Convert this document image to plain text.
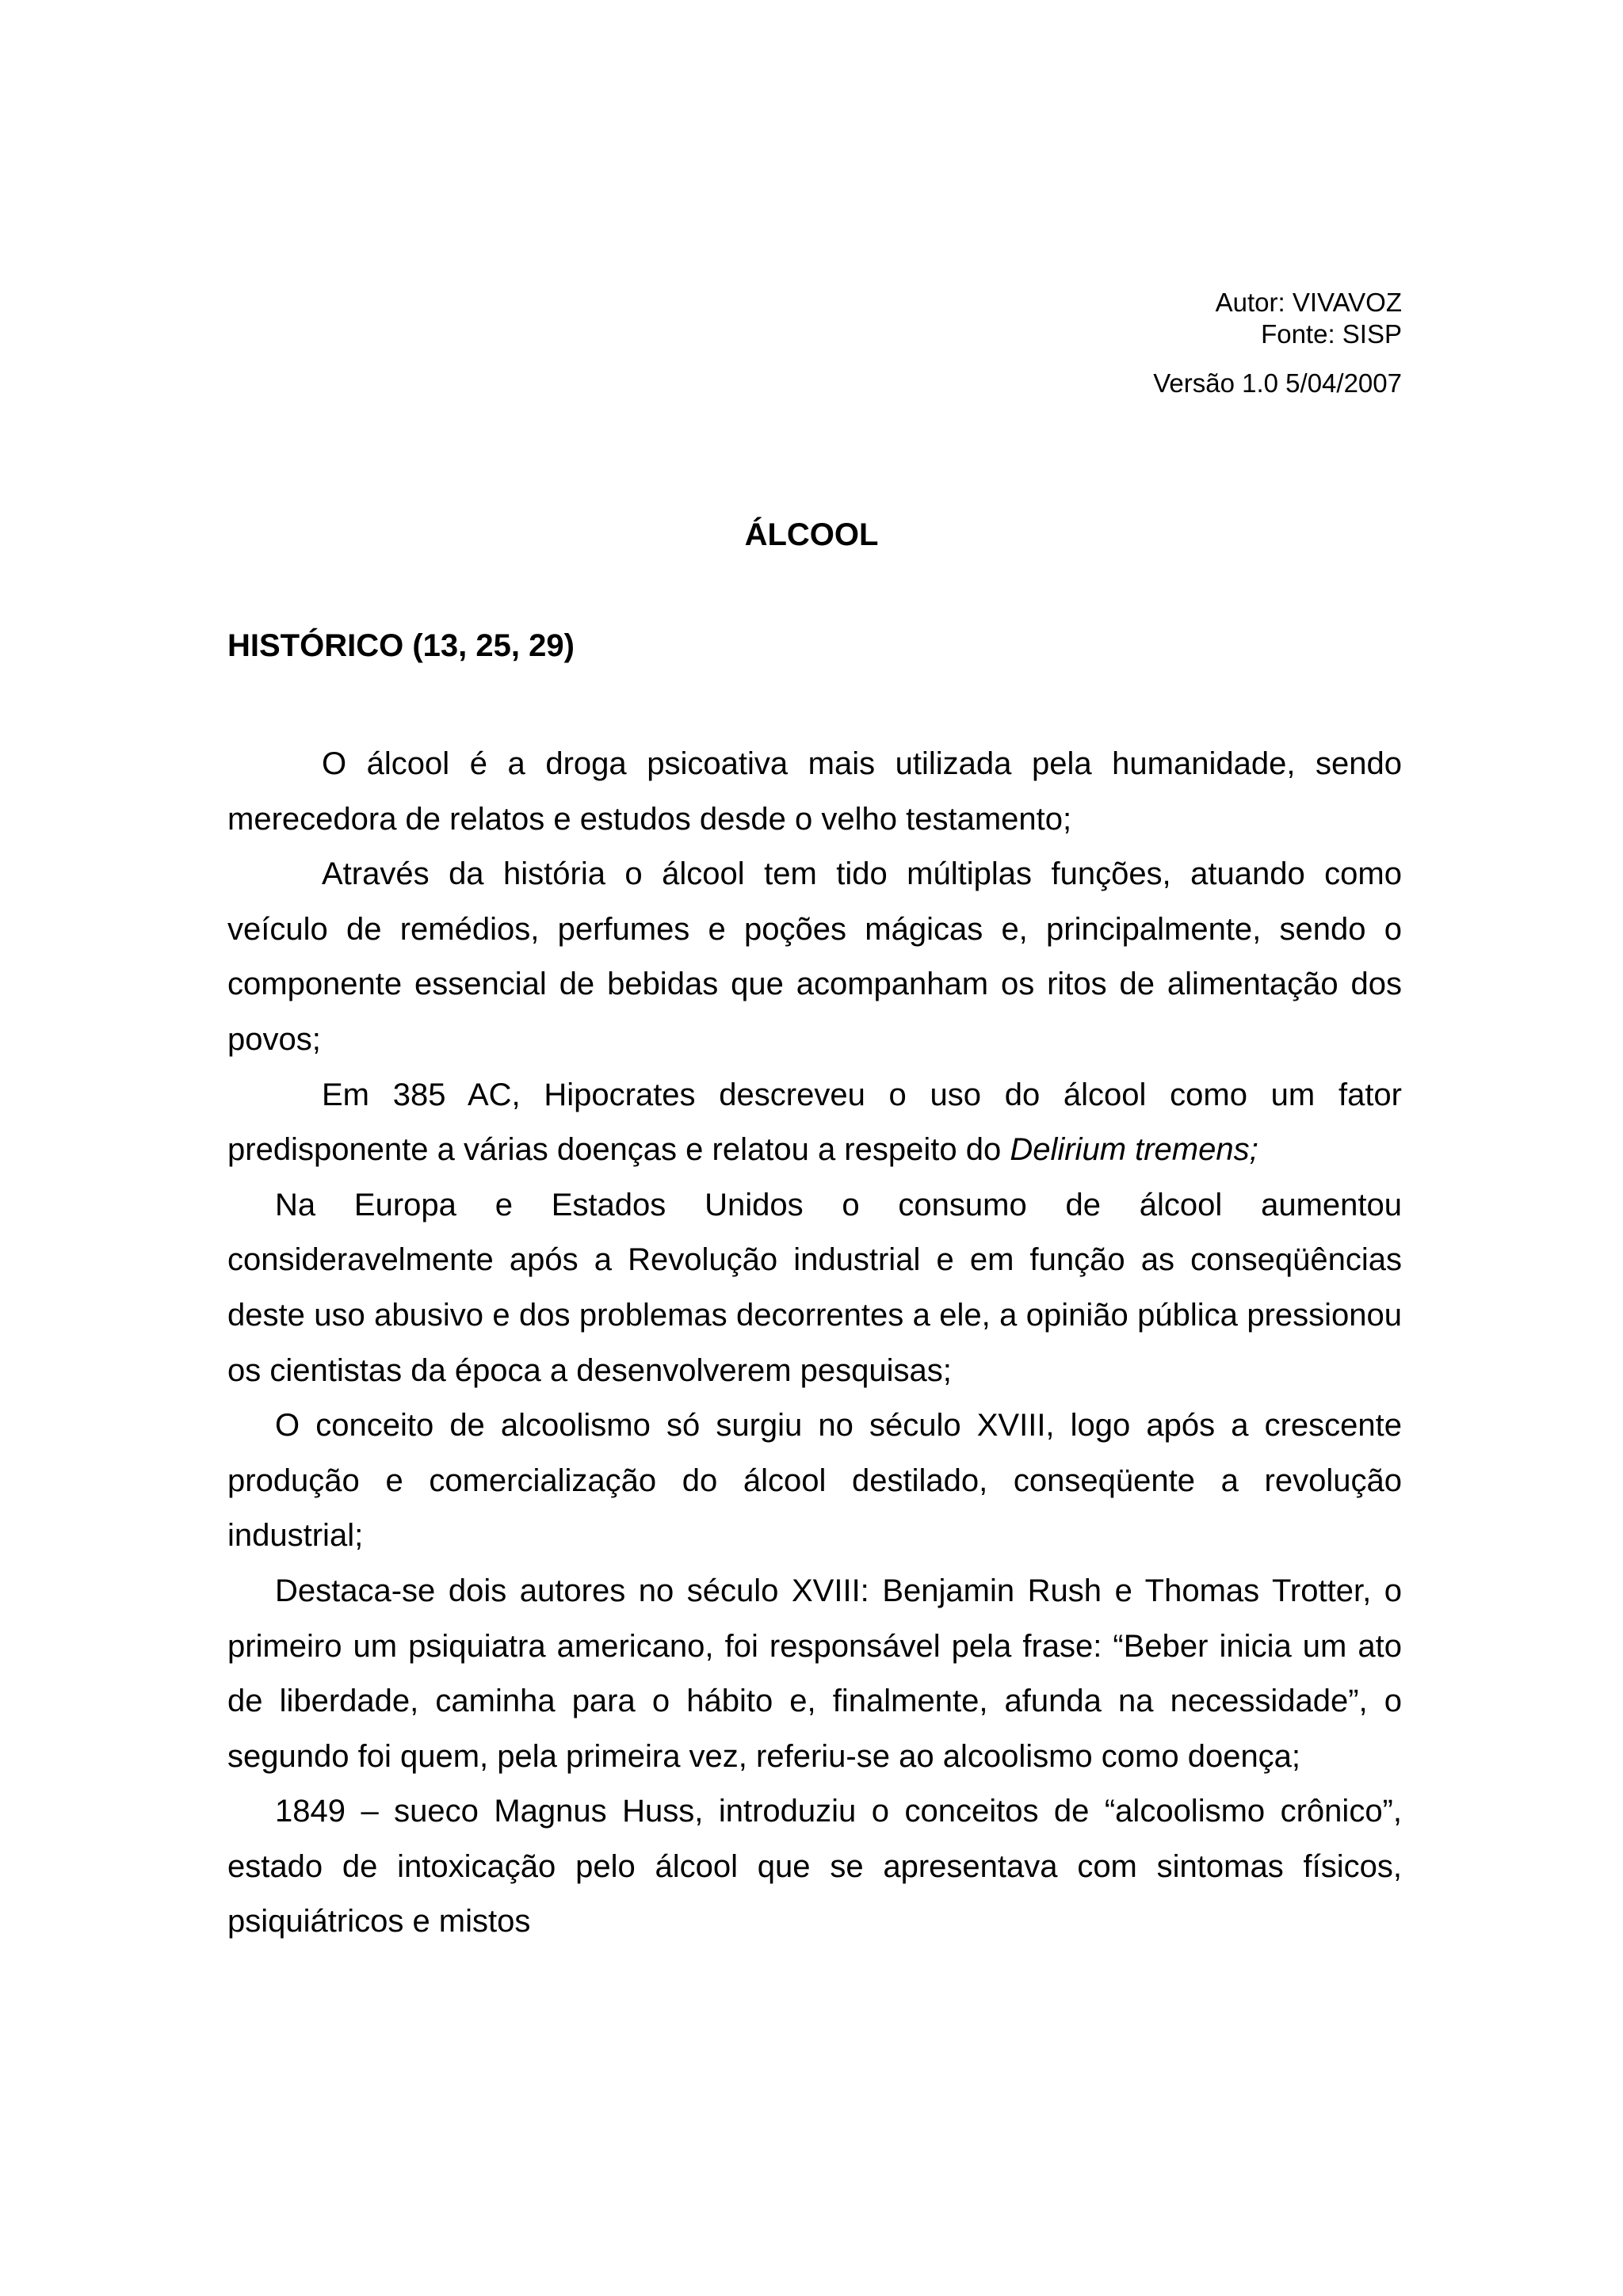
Autor: VIVAVOZ
Fonte: SISP
Versão 1.0 5/04/2007
ÁLCOOL
HISTÓRICO (13, 25, 29)

O álcool é a droga psicoativa mais utilizada pela humanidade, sendo merecedora de relatos e estudos desde o velho testamento;

Através da história o álcool tem tido múltiplas funções, atuando como veículo de remédios, perfumes e poções mágicas e, principalmente, sendo o componente essencial de bebidas que acompanham os ritos de alimentação dos povos;

Em 385 AC, Hipocrates descreveu o uso do álcool como um fator predisponente a várias doenças e relatou a respeito do Delirium tremens;

Na Europa e Estados Unidos o consumo de álcool aumentou consideravelmente após a Revolução industrial e em função as conseqüências deste uso abusivo e dos problemas decorrentes a ele, a opinião pública pressionou os cientistas da época a desenvolverem pesquisas;

O conceito de alcoolismo só surgiu no século XVIII, logo após a crescente produção e comercialização do álcool destilado, conseqüente a revolução industrial;

Destaca-se dois autores no século XVIII: Benjamin Rush e Thomas Trotter, o primeiro um psiquiatra americano, foi responsável pela frase: “Beber inicia um ato de liberdade, caminha para o hábito e, finalmente, afunda na necessidade”, o segundo foi quem, pela primeira vez, referiu-se ao alcoolismo como doença;

1849 – sueco Magnus Huss, introduziu o conceitos de “alcoolismo crônico”, estado de intoxicação pelo álcool que se apresentava com sintomas físicos, psiquiátricos e mistos
